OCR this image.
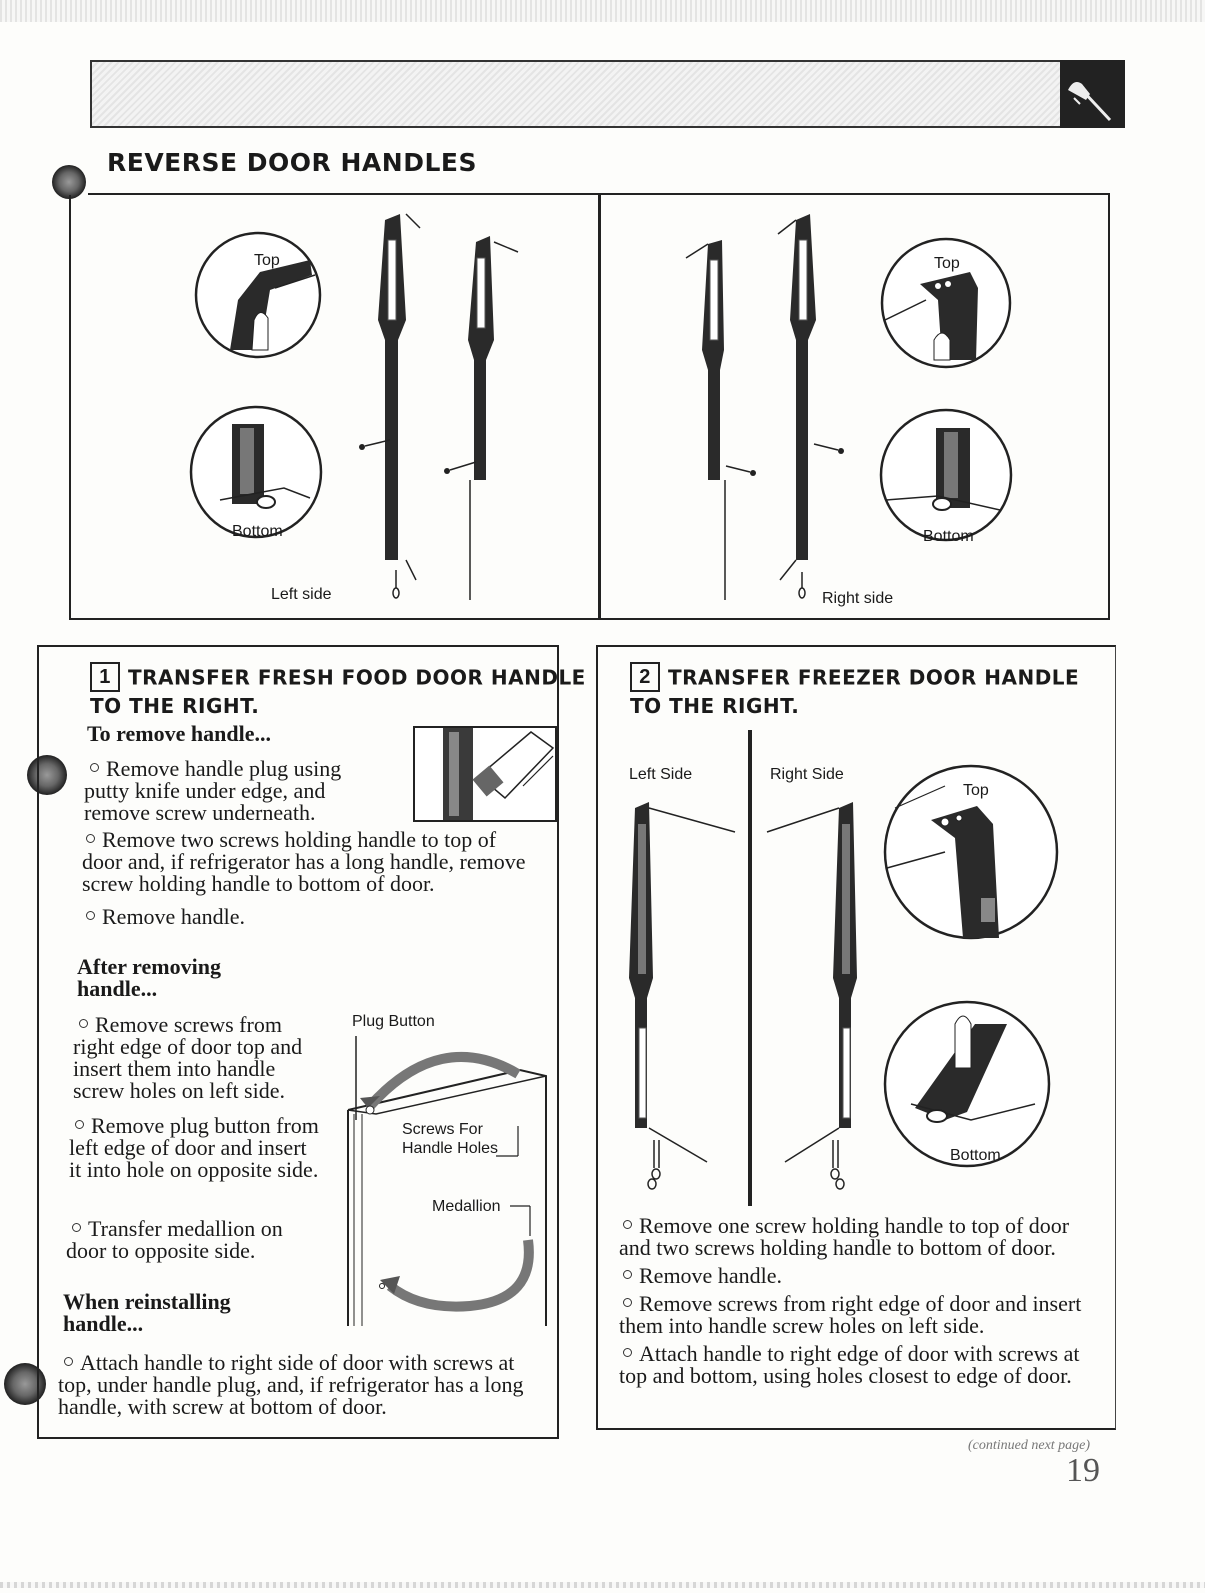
REVERSE DOOR HANDLES
Top
Bottom
Left side
Top
Bottom
Right side
1 TRANSFER FRESH FOOD DOOR HANDLE
TO THE RIGHT.
To remove handle...
Remove handle plug using putty knife under edge, and remove screw underneath.
Remove two screws holding handle to top of door and, if refrigerator has a long handle, remove screw holding handle to bottom of door.
Remove handle.
After removing handle...
Remove screws from right edge of door top and insert them into handle screw holes on left side.
Remove plug button from left edge of door and insert it into hole on opposite side.
Transfer medallion on door to opposite side.
Plug Button
Screws For
Handle Holes
Medallion
When reinstalling handle...
Attach handle to right side of door with screws at top, under handle plug, and, if refrigerator has a long handle, with screw at bottom of door.
2 TRANSFER FREEZER DOOR HANDLE
TO THE RIGHT.
Left Side	Right Side
Top
Bottom
Remove one screw holding handle to top of door and two screws holding handle to bottom of door.
Remove handle.
Remove screws from right edge of door and insert them into handle screw holes on left side.
Attach handle to right edge of door with screws at top and bottom, using holes closest to edge of door.
(continued next page)
19
